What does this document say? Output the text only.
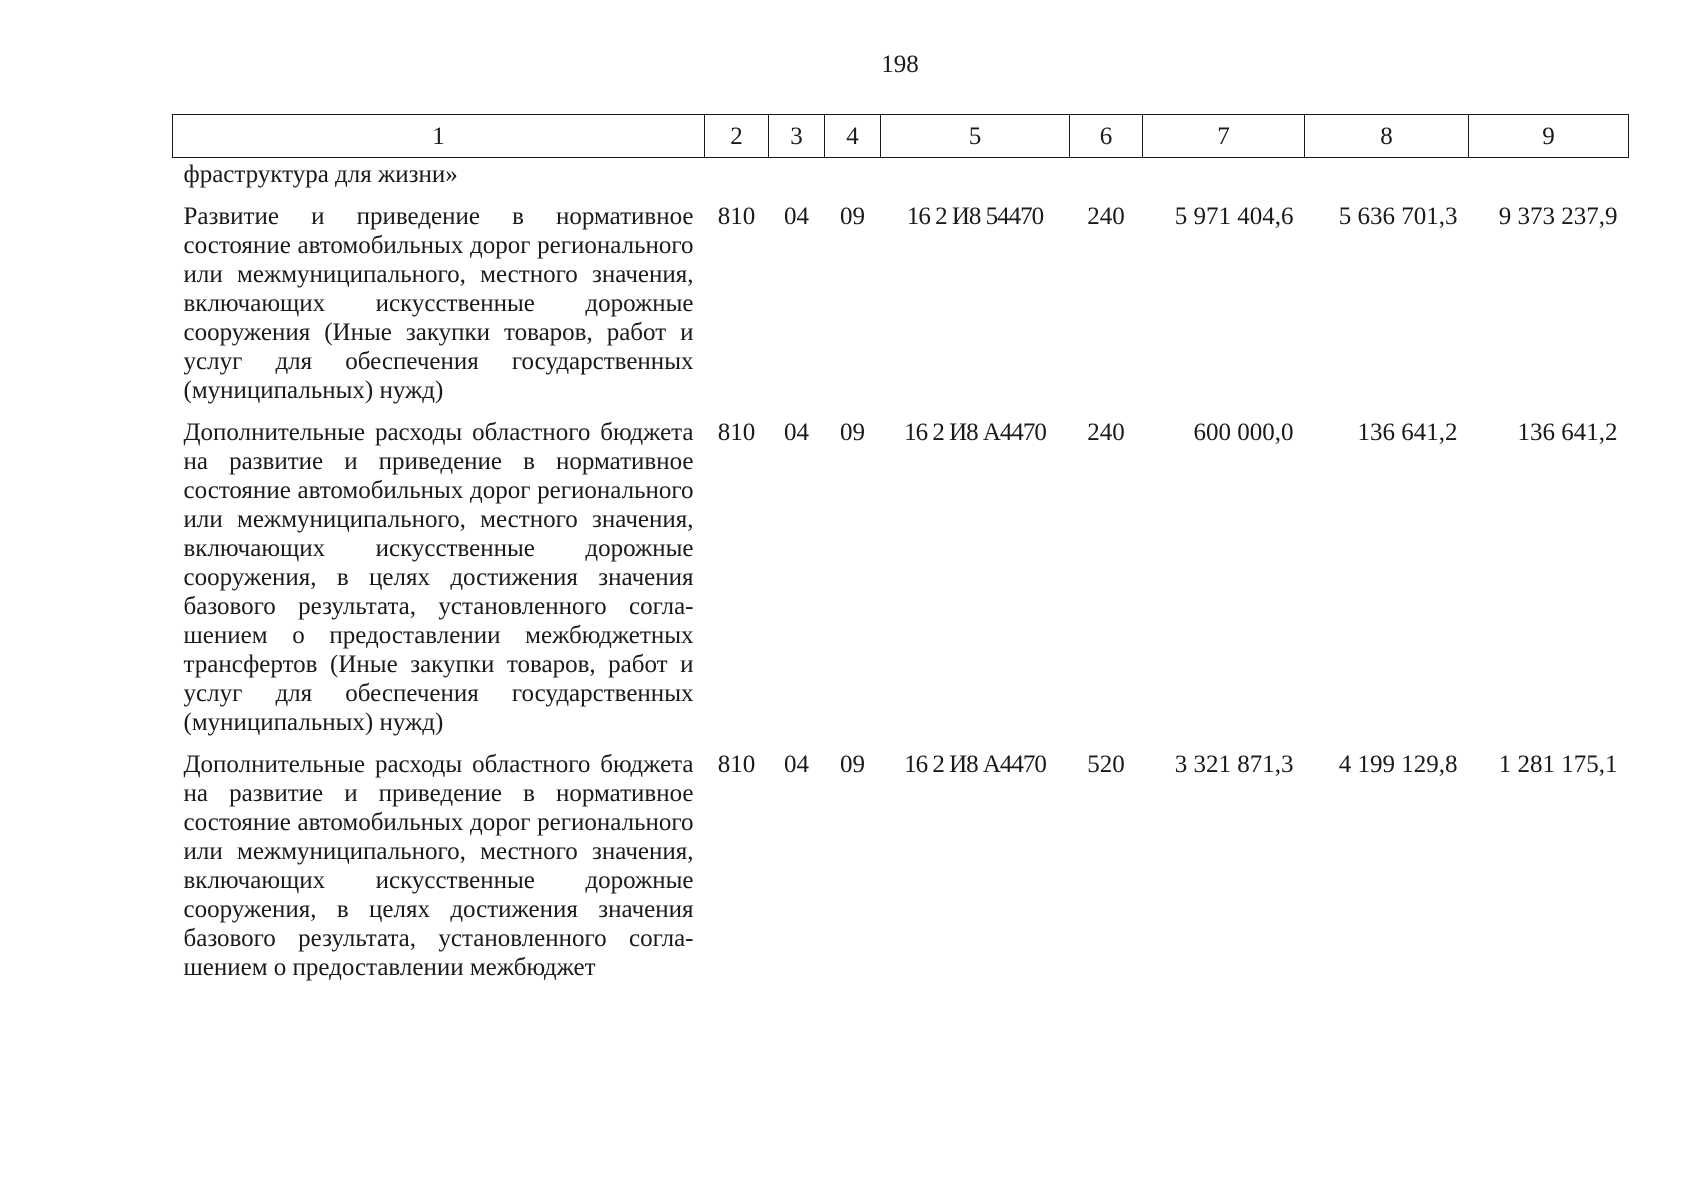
198
1	2	3	4	5	6	7	8	9
фраструктура для жизни»								
Развитие и приведение в нормативное состояние автомобильных дорог регионального или межмуниципального, местного значения, включающих искусственные дорожные сооружения (Иные закупки товаров, работ и услуг для обеспечения государственных (муниципальных) нужд)	810	04	09	16 2 И8 54470	240	5 971 404,6	5 636 701,3	9 373 237,9
Дополнительные расходы областного бюджета на развитие и приведение в нормативное состояние автомобильных дорог регионального или межмуниципального, местного значения, включающих искусственные дорожные сооружения, в целях достижения значения базового результата, установленного соглашением о предоставлении межбюджетных трансфертов (Иные закупки товаров, работ и услуг для обеспечения государственных (муниципальных) нужд)	810	04	09	16 2 И8 А4470	240	600 000,0	136 641,2	136 641,2
Дополнительные расходы областного бюджета на развитие и приведение в нормативное состояние автомобильных дорог регионального или межмуниципального, местного значения, включающих искусственные дорожные сооружения, в целях достижения значения базового результата, установленного соглашением о предоставлении межбюджет	810	04	09	16 2 И8 А4470	520	3 321 871,3	4 199 129,8	1 281 175,1
